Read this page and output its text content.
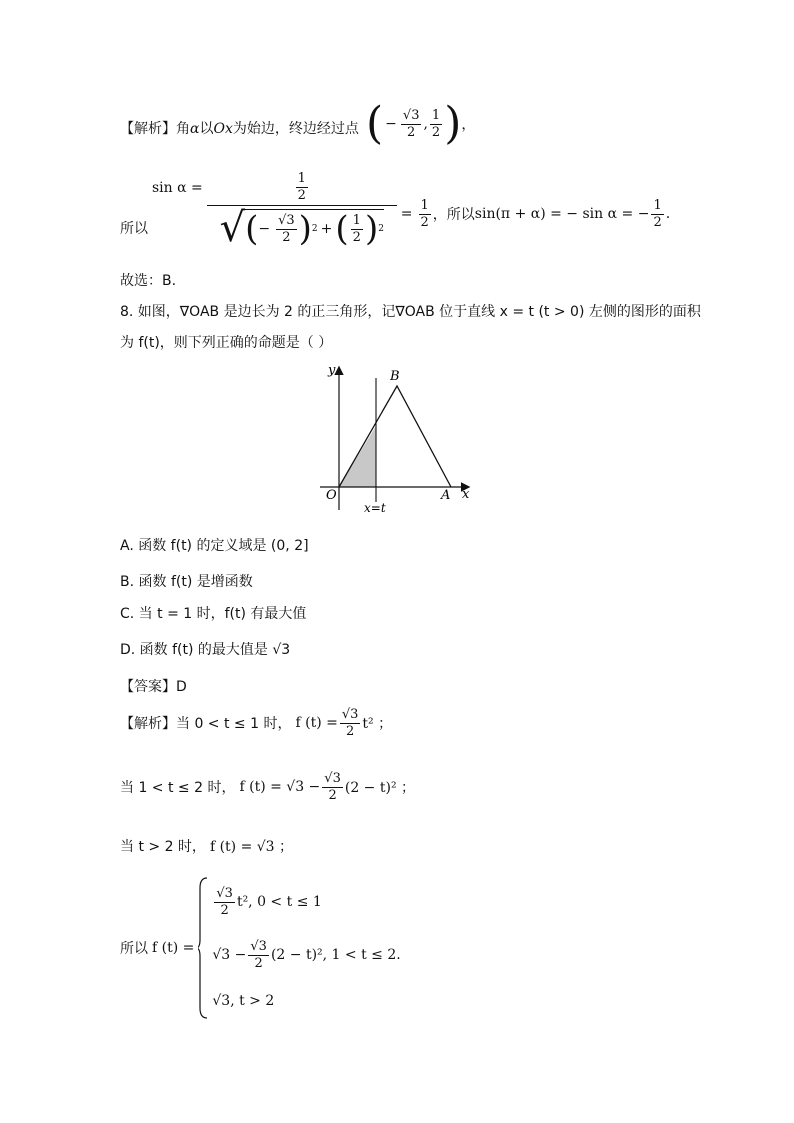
【解析】角α以Ox为始边，终边经过点 ( − $\frac{√3}{2}$ , $\frac{1}{2}$ ) ，
所以
sin α =	$\frac{1}{2}$
√ ( − $\frac{√3}{2}$ ) 2 + ( $\frac{1}{2}$ ) 2
= $\frac{1}{2}$ ，所以 sin(π + α) = − sin α = − $\frac{1}{2}$ .
故选：B.
8. 如图，∇OAB 是边长为 2 的正三角形，记∇OAB 位于直线 x = t (t > 0) 左侧的图形的面积
为 f(t)，则下列正确的命题是（ ）
y
x
O	A
B
x=t
A. 函数 f(t) 的定义域是 (0, 2]
B. 函数 f(t) 是增函数
C. 当 t = 1 时，f(t) 有最大值
D. 函数 f(t) 的最大值是 √3
【答案】D
【解析】 当 0 < t ≤ 1 时， f $(t) = \frac{√3}{2} t^2$ ；
当 1 < t ≤ 2 时， f $(t) = √3 - \frac{√3}{2} (2 - t)^2$ ；
当 t > 2 时， f (t) = √3 ；
所以 f (t) =
$\frac{√3}{2} t^2$, 0 < t ≤ 1
$√3 - \frac{√3}{2} (2 - t)^2$, 1 < t ≤ 2 .
√3, t > 2
